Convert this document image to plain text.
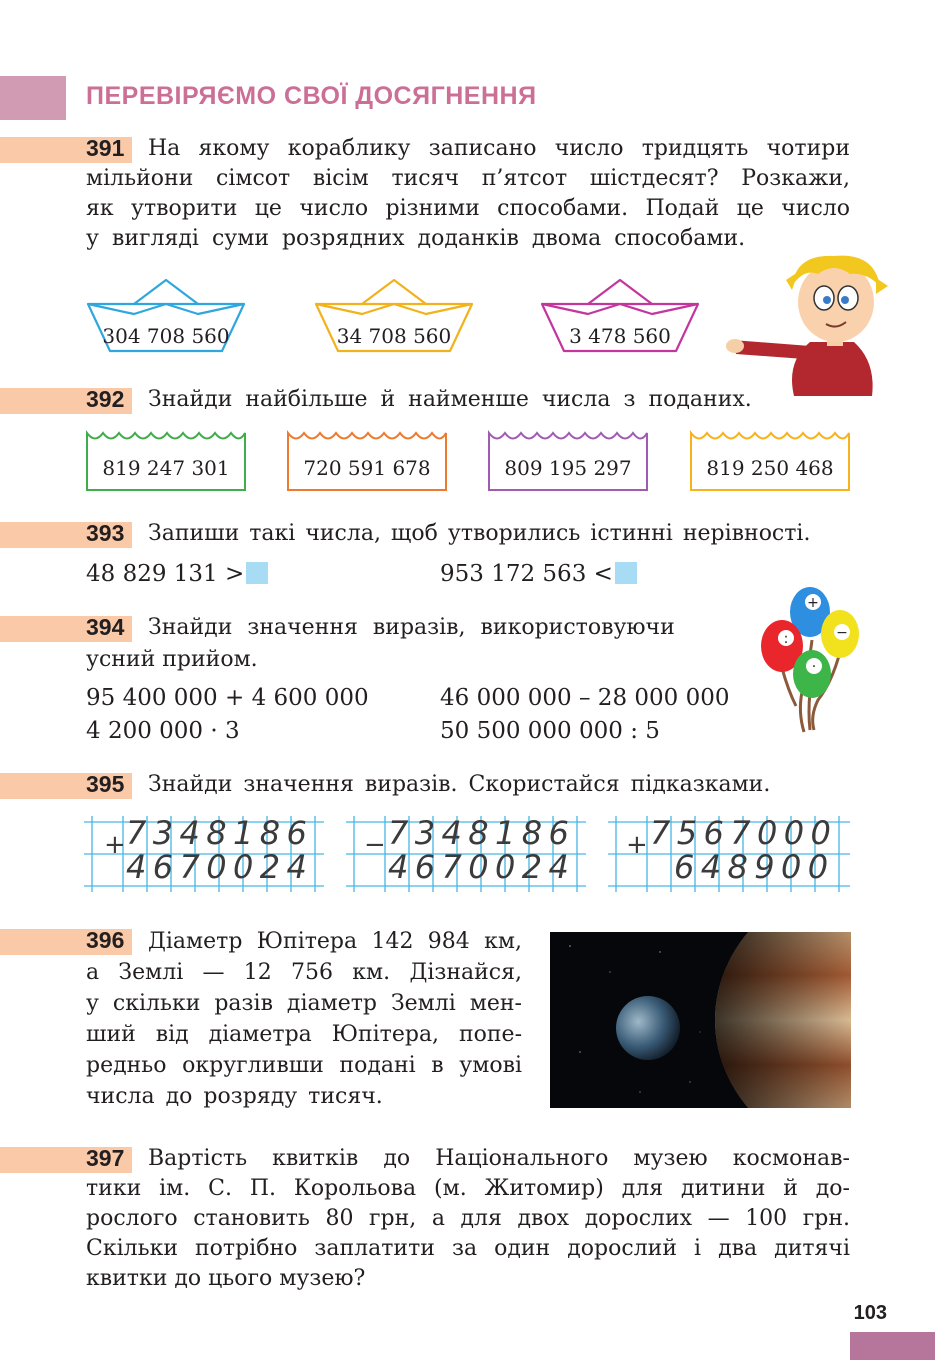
ПЕРЕВІРЯЄМО СВОЇ ДОСЯГНЕННЯ
391	На якому кораблику записано число тридцять чотири
мільйони сімсот вісім тисяч п’ятсот шістдесят? Розкажи,
як утворити це число різними способами. Подай це число
у вигляді суми розрядних доданків двома способами.
304 708 560	34 708 560	3 478 560
392 Знайди найбільше й найменше числа з поданих.
819 247 301	720 591 678	809 195 297	819 250 468
393 Запиши такі числа, щоб утворились істинні нерівності.
48 829 131 >	953 172 563 <
394 Знайди значення виразів, використовуючи
усний прийом.
95 400 000 + 4 600 000	46 000 000 – 28 000 000
4 200 000 · 3	50 500 000 000 : 5
+
−
:
·
395 Знайди значення виразів. Скористайся підказками.
+ 7348186
4670024
− 7348186
4670024
+ 7567000
648900
396	Діаметр Юпітера 142 984 км,
а Землі — 12 756 км. Дізнайся,
у скільки разів діаметр Землі мен-
ший від діаметра Юпітера, попе-
редньо округливши подані в умові
числа до розряду тисяч.
397	Вартість квитків до Національного музею космонав-
тики ім. С. П. Корольова (м. Житомир) для дитини й до-
рослого становить 80 грн, а для двох дорослих — 100 грн.
Скільки потрібно заплатити за один дорослий і два дитячі
квитки до цього музею?
103
